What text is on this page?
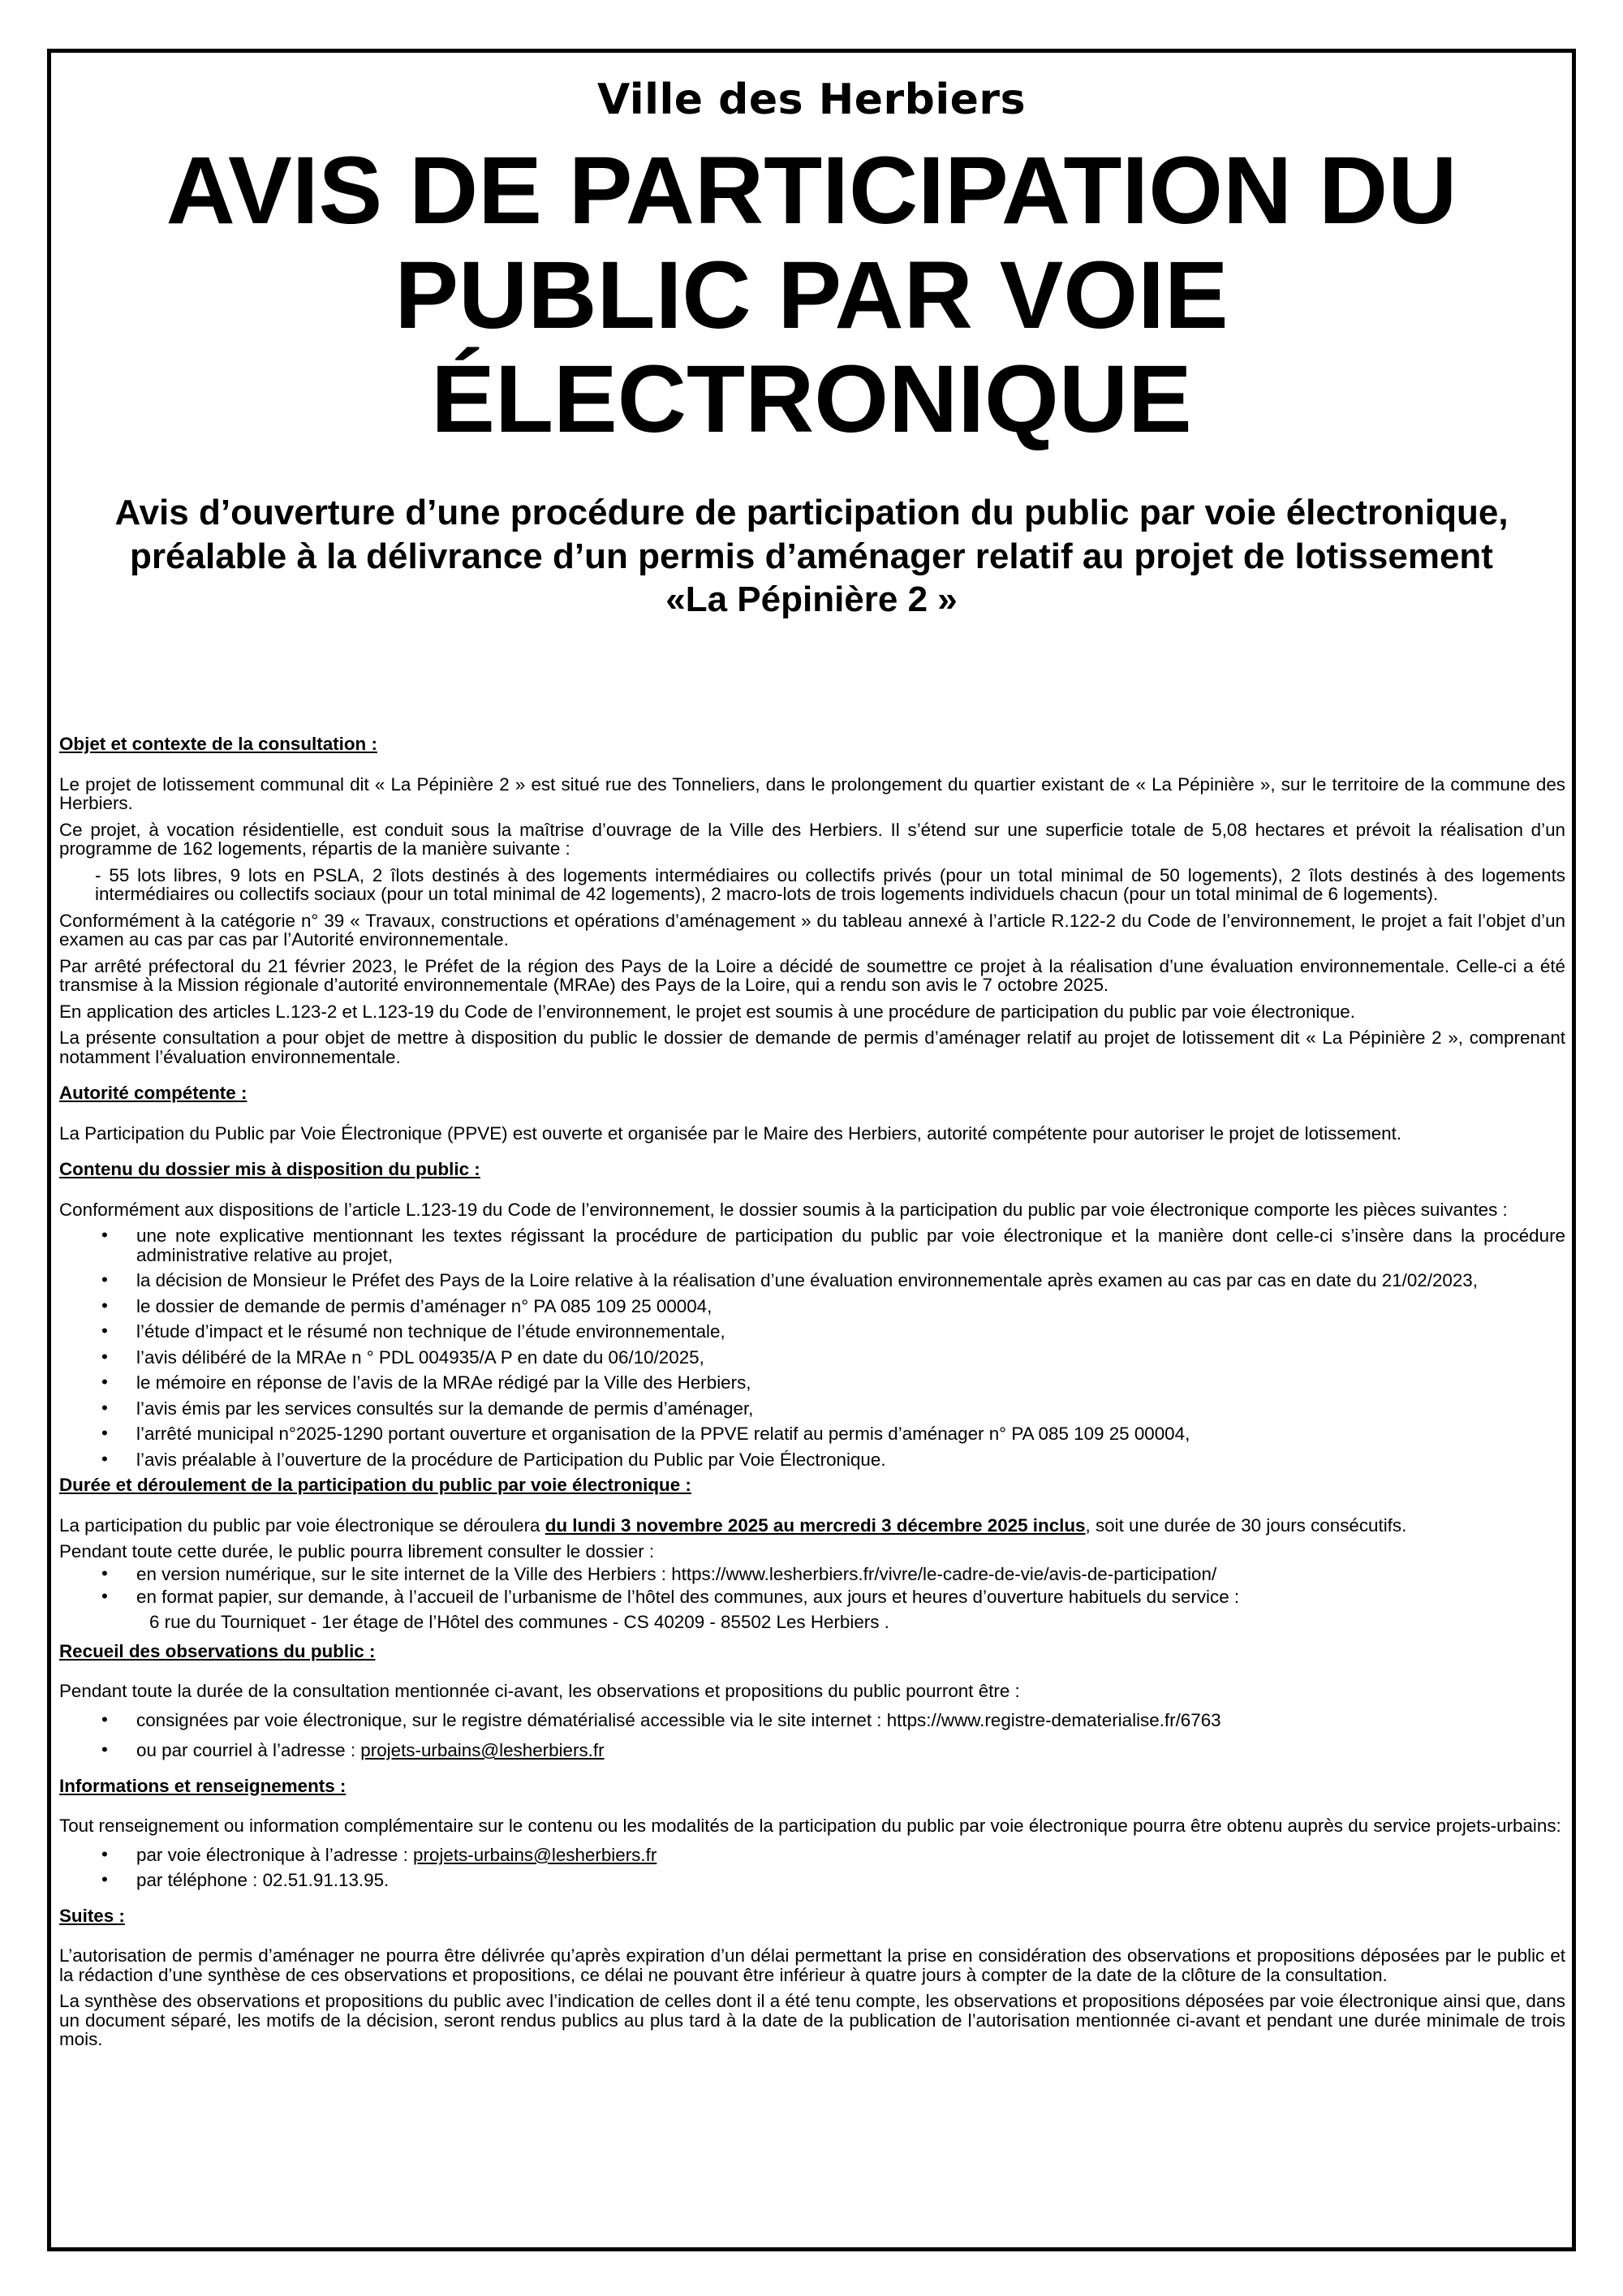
Ville des Herbiers
AVIS DE PARTICIPATION DU
PUBLIC PAR VOIE
ÉLECTRONIQUE
Avis d’ouverture d’une procédure de participation du public par voie électronique,
préalable à la délivrance d’un permis d’aménager relatif au projet de lotissement
«La Pépinière 2 »
Objet et contexte de la consultation :
Le projet de lotissement communal dit « La Pépinière 2 » est situé rue des Tonneliers, dans le prolongement du quartier existant de « La Pépinière », sur le territoire de la commune des Herbiers.
Ce projet, à vocation résidentielle, est conduit sous la maîtrise d’ouvrage de la Ville des Herbiers. Il s’étend sur une superficie totale de 5,08 hectares et prévoit la réalisation d’un programme de 162 logements, répartis de la manière suivante :
- 55 lots libres, 9 lots en PSLA, 2 îlots destinés à des logements intermédiaires ou collectifs privés (pour un total minimal de 50 logements), 2 îlots destinés à des logements intermédiaires ou collectifs sociaux (pour un total minimal de 42 logements), 2 macro-lots de trois logements individuels chacun (pour un total minimal de 6 logements).
Conformément à la catégorie n° 39 « Travaux, constructions et opérations d’aménagement » du tableau annexé à l’article R.122-2 du Code de l’environnement, le projet a fait l’objet d’un examen au cas par cas par l’Autorité environnementale.
Par arrêté préfectoral du 21 février 2023, le Préfet de la région des Pays de la Loire a décidé de soumettre ce projet à la réalisation d’une évaluation environnementale. Celle-ci a été transmise à la Mission régionale d’autorité environnementale (MRAe) des Pays de la Loire, qui a rendu son avis le 7 octobre 2025.
En application des articles L.123-2 et L.123-19 du Code de l’environnement, le projet est soumis à une procédure de participation du public par voie électronique.
La présente consultation a pour objet de mettre à disposition du public le dossier de demande de permis d’aménager relatif au projet de lotissement dit « La Pépinière 2 », comprenant notamment l’évaluation environnementale.
Autorité compétente :
La Participation du Public par Voie Électronique (PPVE) est ouverte et organisée par le Maire des Herbiers, autorité compétente pour autoriser le projet de lotissement.
Contenu du dossier mis à disposition du public :
Conformément aux dispositions de l’article L.123-19 du Code de l’environnement, le dossier soumis à la participation du public par voie électronique comporte les pièces suivantes :
• une note explicative mentionnant les textes régissant la procédure de participation du public par voie électronique et la manière dont celle-ci s’insère dans la procédure administrative relative au projet,
• la décision de Monsieur le Préfet des Pays de la Loire relative à la réalisation d’une évaluation environnementale après examen au cas par cas en date du 21/02/2023,
• le dossier de demande de permis d’aménager n° PA 085 109 25 00004,
• l’étude d’impact et le résumé non technique de l’étude environnementale,
• l’avis délibéré de la MRAe n ° PDL 004935/A P en date du 06/10/2025,
• le mémoire en réponse de l’avis de la MRAe rédigé par la Ville des Herbiers,
• l’avis émis par les services consultés sur la demande de permis d’aménager,
• l’arrêté municipal n°2025-1290 portant ouverture et organisation de la PPVE relatif au permis d’aménager n° PA 085 109 25 00004,
• l’avis préalable à l’ouverture de la procédure de Participation du Public par Voie Électronique.
Durée et déroulement de la participation du public par voie électronique :
La participation du public par voie électronique se déroulera du lundi 3 novembre 2025 au mercredi 3 décembre 2025 inclus, soit une durée de 30 jours consécutifs.
Pendant toute cette durée, le public pourra librement consulter le dossier :
• en version numérique, sur le site internet de la Ville des Herbiers : https://www.lesherbiers.fr/vivre/le-cadre-de-vie/avis-de-participation/
• en format papier, sur demande, à l’accueil de l’urbanisme de l’hôtel des communes, aux jours et heures d’ouverture habituels du service :
6 rue du Tourniquet - 1er étage de l’Hôtel des communes - CS 40209 - 85502 Les Herbiers .
Recueil des observations du public :
Pendant toute la durée de la consultation mentionnée ci-avant, les observations et propositions du public pourront être :
• consignées par voie électronique, sur le registre dématérialisé accessible via le site internet : https://www.registre-dematerialise.fr/6763
• ou par courriel à l’adresse : projets-urbains@lesherbiers.fr
Informations et renseignements :
Tout renseignement ou information complémentaire sur le contenu ou les modalités de la participation du public par voie électronique pourra être obtenu auprès du service projets-urbains:
• par voie électronique à l’adresse : projets-urbains@lesherbiers.fr
• par téléphone : 02.51.91.13.95.
Suites :
L’autorisation de permis d’aménager ne pourra être délivrée qu’après expiration d’un délai permettant la prise en considération des observations et propositions déposées par le public et la rédaction d’une synthèse de ces observations et propositions, ce délai ne pouvant être inférieur à quatre jours à compter de la date de la clôture de la consultation.
La synthèse des observations et propositions du public avec l’indication de celles dont il a été tenu compte, les observations et propositions déposées par voie électronique ainsi que, dans un document séparé, les motifs de la décision, seront rendus publics au plus tard à la date de la publication de l’autorisation mentionnée ci-avant et pendant une durée minimale de trois mois.
